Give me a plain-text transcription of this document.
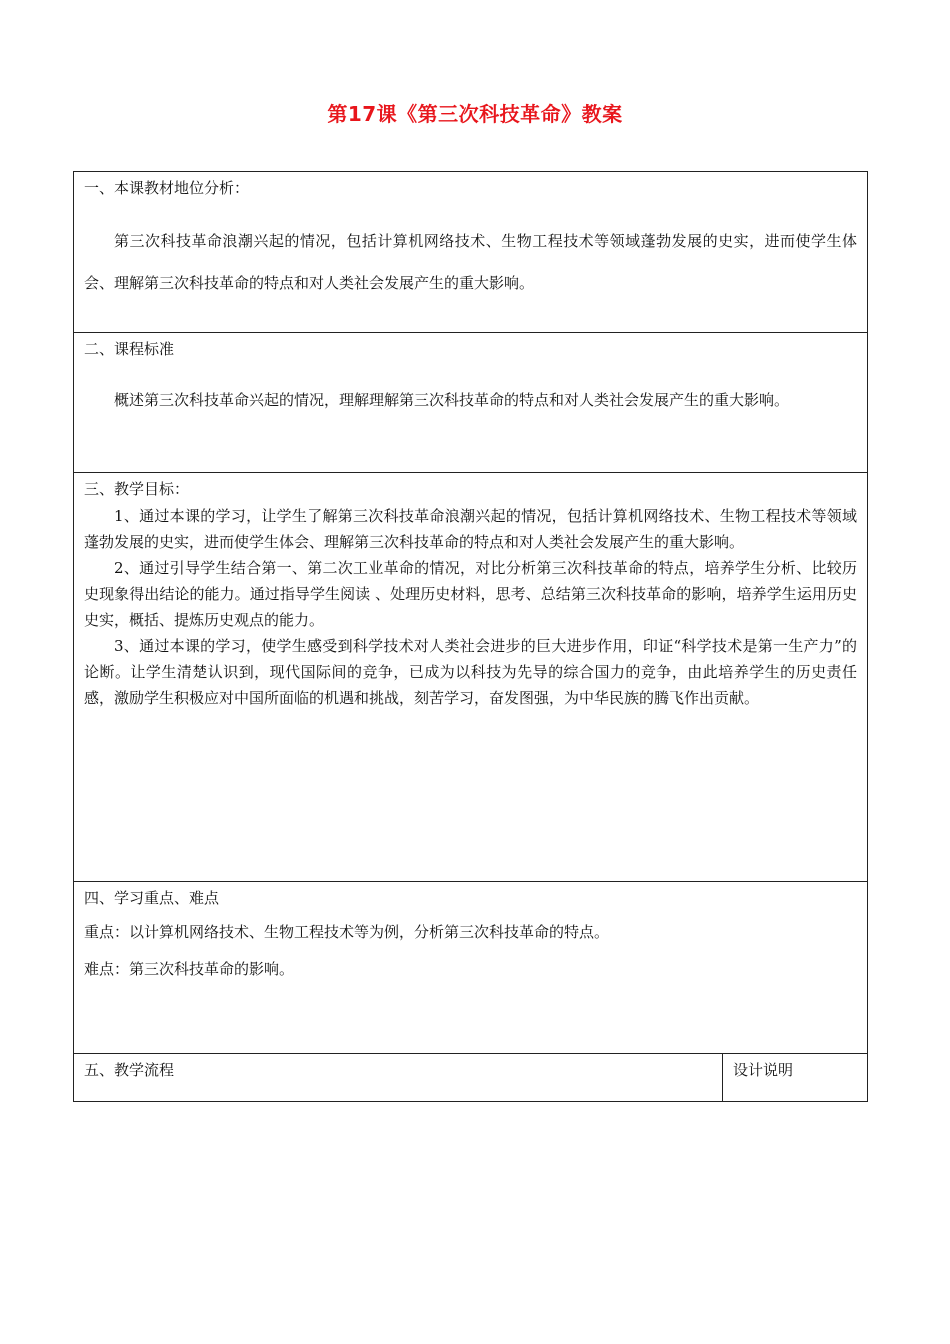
第17课《第三次科技革命》教案

一、本课教材地位分析：

第三次科技革命浪潮兴起的情况，包括计算机网络技术、生物工程技术等领域蓬勃发展的史实，进而使学生体会、理解第三次科技革命的特点和对人类社会发展产生的重大影响。

二、课程标准

概述第三次科技革命兴起的情况，理解理解第三次科技革命的特点和对人类社会发展产生的重大影响。

三、教学目标：

1、通过本课的学习，让学生了解第三次科技革命浪潮兴起的情况，包括计算机网络技术、生物工程技术等领域蓬勃发展的史实，进而使学生体会、理解第三次科技革命的特点和对人类社会发展产生的重大影响。

2、通过引导学生结合第一、第二次工业革命的情况，对比分析第三次科技革命的特点，培养学生分析、比较历史现象得出结论的能力。通过指导学生阅读 、处理历史材料，思考、总结第三次科技革命的影响，培养学生运用历史史实，概括、提炼历史观点的能力。

3、通过本课的学习，使学生感受到科学技术对人类社会进步的巨大进步作用，印证“科学技术是第一生产力”的论断。让学生清楚认识到，现代国际间的竞争，已成为以科技为先导的综合国力的竞争，由此培养学生的历史责任感，激励学生积极应对中国所面临的机遇和挑战，刻苦学习，奋发图强，为中华民族的腾飞作出贡献。

四、学习重点、难点

重点：以计算机网络技术、生物工程技术等为例，分析第三次科技革命的特点。

难点：第三次科技革命的影响。

五、教学流程	设计说明
